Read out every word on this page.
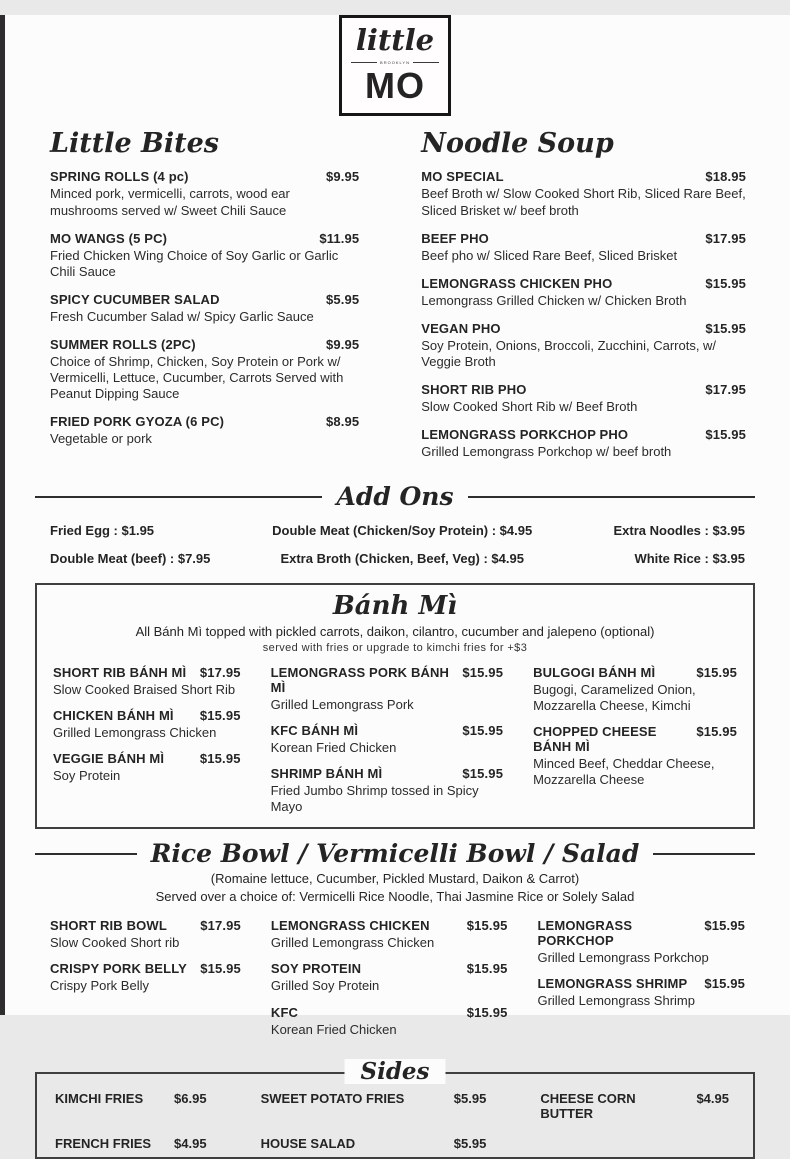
little
BROOKLYN
MO
Little Bites
SPRING ROLLS (4 pc)	$9.95
Minced pork, vermicelli, carrots, wood ear mushrooms served w/ Sweet Chili Sauce
MO WANGS (5 PC)	$11.95
Fried Chicken Wing Choice of Soy Garlic or Garlic Chili Sauce
SPICY CUCUMBER SALAD	$5.95
Fresh Cucumber Salad w/ Spicy Garlic Sauce
SUMMER ROLLS (2PC)	$9.95
Choice of Shrimp, Chicken, Soy Protein or Pork w/ Vermicelli, Lettuce, Cucumber, Carrots Served with Peanut Dipping Sauce
FRIED PORK GYOZA (6 PC)	$8.95
Vegetable or pork
Noodle Soup
MO SPECIAL	$18.95
Beef Broth w/ Slow Cooked Short Rib, Sliced Rare Beef, Sliced Brisket w/ beef broth
BEEF PHO	$17.95
Beef pho w/ Sliced Rare Beef, Sliced Brisket
LEMONGRASS CHICKEN PHO	$15.95
Lemongrass Grilled Chicken w/ Chicken Broth
VEGAN PHO	$15.95
Soy Protein, Onions, Broccoli, Zucchini, Carrots, w/ Veggie Broth
SHORT RIB PHO	$17.95
Slow Cooked Short Rib w/ Beef Broth
LEMONGRASS PORKCHOP PHO	$15.95
Grilled Lemongrass Porkchop w/ beef broth
Add Ons
Fried Egg : $1.95	Double Meat (Chicken/Soy Protein) : $4.95	Extra Noodles : $3.95
Double Meat (beef) : $7.95	Extra Broth (Chicken, Beef, Veg) : $4.95	White Rice : $3.95
Bánh Mì
All Bánh Mì topped with pickled carrots, daikon, cilantro, cucumber and jalepeno (optional)
served with fries or upgrade to kimchi fries for +$3
SHORT RIB BÁNH MÌ $17.95
Slow Cooked Braised Short Rib
CHICKEN BÁNH MÌ $15.95
Grilled Lemongrass Chicken
VEGGIE BÁNH MÌ	$15.95
Soy Protein
LEMONGRASS PORK BÁNH MÌ
$15.95
Grilled Lemongrass Pork
KFC BÁNH MÌ	$15.95
Korean Fried Chicken
SHRIMP BÁNH MÌ	$15.95
Fried Jumbo Shrimp tossed in Spicy Mayo
BULGOGI BÁNH MÌ	$15.95
Bugogi, Caramelized Onion, Mozzarella Cheese, Kimchi
CHOPPED CHEESE BÁNH MÌ
$15.95
Minced Beef, Cheddar Cheese, Mozzarella Cheese
Rice Bowl / Vermicelli Bowl / Salad
(Romaine lettuce, Cucumber, Pickled Mustard, Daikon & Carrot)
Served over a choice of: Vermicelli Rice Noodle, Thai Jasmine Rice or Solely Salad
SHORT RIB BOWL	$17.95
Slow Cooked Short rib
CRISPY PORK BELLY $15.95
Crispy Pork Belly
LEMONGRASS CHICKEN	$15.95
Grilled Lemongrass Chicken
SOY PROTEIN	$15.95
Grilled Soy Protein
KFC	$15.95
Korean Fried Chicken
LEMONGRASS PORKCHOP
$15.95
Grilled Lemongrass Porkchop
LEMONGRASS SHRIMP $15.95
Grilled Lemongrass Shrimp
Sides
KIMCHI FRIES $6.95	SWEET POTATO FRIES	$5.95	CHEESE CORN BUTTER
$4.95
FRENCH FRIES $4.95	HOUSE SALAD	$5.95
